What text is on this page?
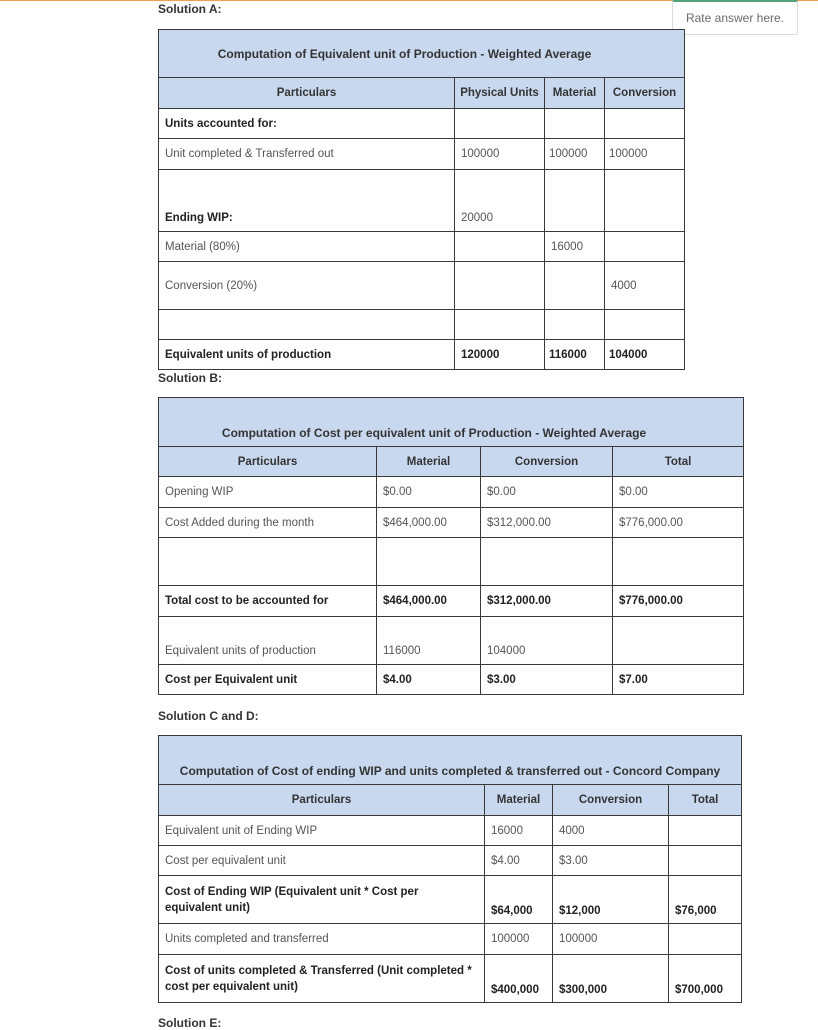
Rate answer here.
Solution A:
Computation of Equivalent unit of Production - Weighted Average			
Particulars	Physical Units	Material	Conversion
Units accounted for:			
Unit completed & Transferred out	100000	100000	100000
Ending WIP:	20000		
Material (80%)		16000	
Conversion (20%)			4000

Equivalent units of production	120000	116000	104000
Solution B:
Computation of Cost per equivalent unit of Production - Weighted Average			
Particulars	Material	Conversion	Total
Opening WIP	$0.00	$0.00	$0.00
Cost Added during the month	$464,000.00	$312,000.00	$776,000.00

Total cost to be accounted for	$464,000.00	$312,000.00	$776,000.00
Equivalent units of production	116000	104000	
Cost per Equivalent unit	$4.00	$3.00	$7.00
Solution C and D:
Computation of Cost of ending WIP and units completed & transferred out - Concord Company			
Particulars	Material	Conversion	Total
Equivalent unit of Ending WIP	16000	4000	
Cost per equivalent unit	$4.00	$3.00	
Cost of Ending WIP (Equivalent unit * Cost per equivalent unit)	$64,000	$12,000	$76,000
Units completed and transferred	100000	100000	
Cost of units completed & Transferred (Unit completed * cost per equivalent unit)	$400,000	$300,000	$700,000
Solution E:
